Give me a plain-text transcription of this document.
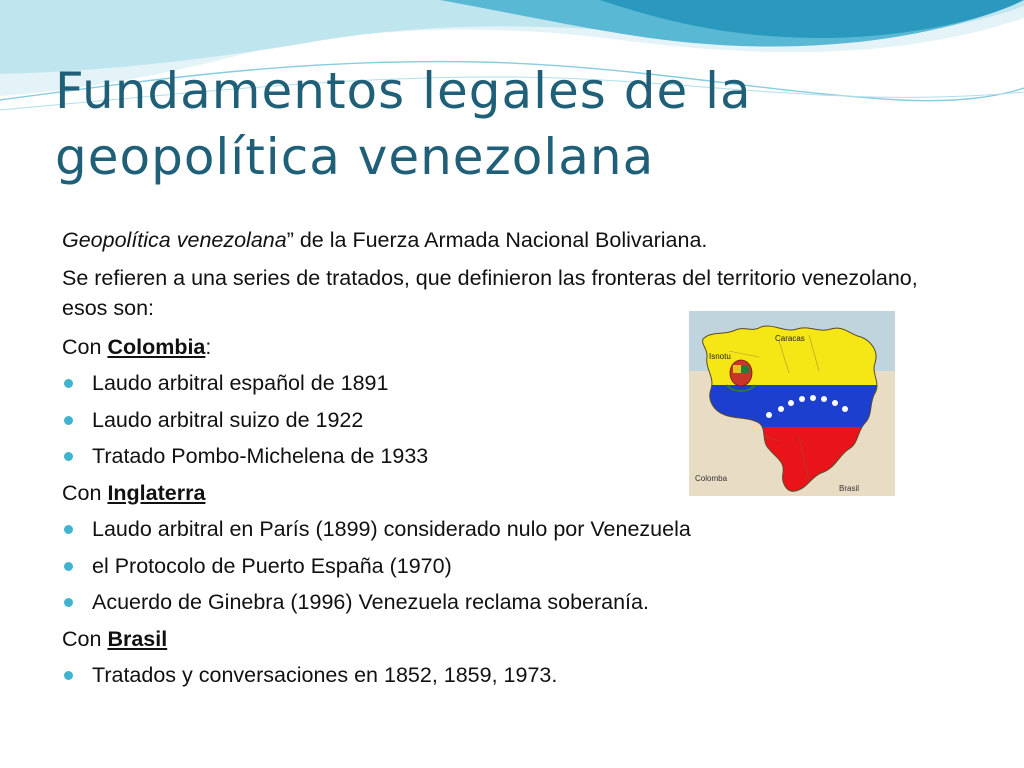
Fundamentos legales de la geopolítica venezolana

Geopolítica venezolana” de la Fuerza Armada Nacional Bolivariana.

Se refieren a una series de tratados, que definieron las fronteras del territorio venezolano, esos son:

Con Colombia:

Laudo arbitral español de 1891
Laudo arbitral suizo de 1922
Tratado Pombo-Michelena de 1933

Con Inglaterra

Laudo arbitral en París (1899) considerado nulo por Venezuela
el Protocolo de Puerto España (1970)
Acuerdo de Ginebra (1996) Venezuela reclama soberanía.

Con Brasil

Tratados y conversaciones en 1852, 1859, 1973.
Caracas
Isnotu
Colomba
Brasil
